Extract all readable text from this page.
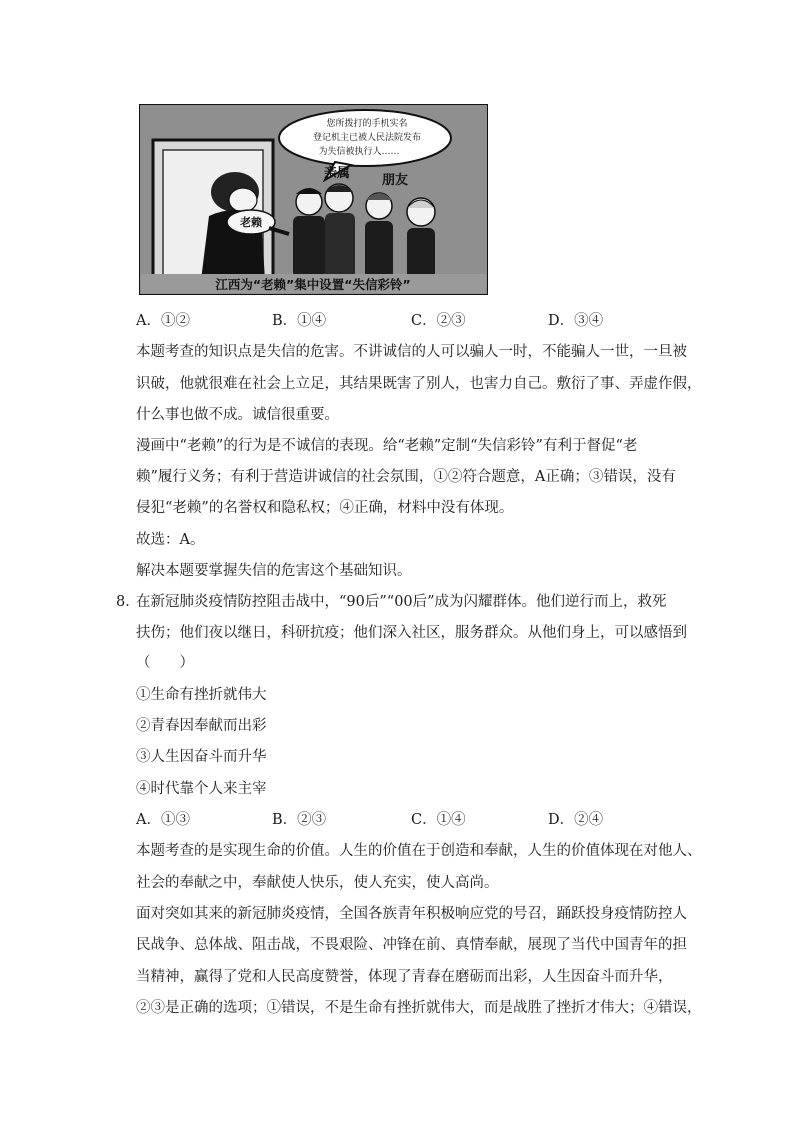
您所拨打的手机实名
登记机主已被人民法院发布
为失信被执行人……
老赖
亲属 朋友
江西为“老赖”集中设置“失信彩铃”
A．①②	B．①④	C．②③	D．③④
本题考查的知识点是失信的危害。不讲诚信的人可以骗人一时，不能骗人一世，一旦被
识破，他就很难在社会上立足，其结果既害了别人，也害力自己。敷衍了事、弄虚作假，
什么事也做不成。诚信很重要。
漫画中“老赖”的行为是不诚信的表现。给“老赖”定制“失信彩铃”有利于督促“老
赖”履行义务；有利于营造讲诚信的社会氛围，①②符合题意，A正确；③错误，没有
侵犯“老赖”的名誉权和隐私权；④正确，材料中没有体现。
故选：A。
解决本题要掌握失信的危害这个基础知识。
8．
在新冠肺炎疫情防控阻击战中，“90后”“00后”成为闪耀群体。他们逆行而上，救死
扶伤；他们夜以继日，科研抗疫；他们深入社区，服务群众。从他们身上，可以感悟到
（　　）
①生命有挫折就伟大
②青春因奉献而出彩
③人生因奋斗而升华
④时代靠个人来主宰
A．①③	B．②③	C．①④	D．②④
本题考查的是实现生命的价值。人生的价值在于创造和奉献，人生的价值体现在对他人、
社会的奉献之中，奉献使人快乐，使人充实，使人高尚。
面对突如其来的新冠肺炎疫情，全国各族青年积极响应党的号召，踊跃投身疫情防控人
民战争、总体战、阻击战，不畏艰险、冲锋在前、真情奉献，展现了当代中国青年的担
当精神，赢得了党和人民高度赞誉，体现了青春在磨砺而出彩，人生因奋斗而升华，
②③是正确的选项；①错误，不是生命有挫折就伟大，而是战胜了挫折才伟大；④错误，
